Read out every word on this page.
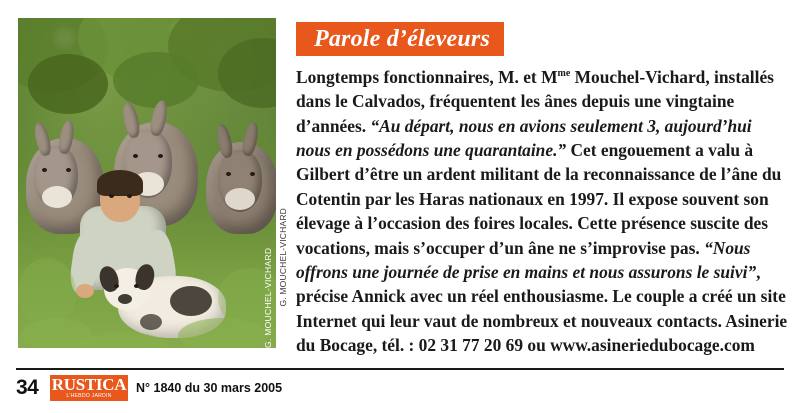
G. MOUCHEL-VICHARD G. MOUCHEL-VICHARD
Parole d’éleveurs

Longtemps fonctionnaires, M. et $M^{me}$ Mouchel-Vichard, installés dans le Calvados, fréquentent les ânes depuis une vingtaine d’années. “Au départ, nous en avions seulement 3, aujourd’hui nous en possédons une quarantaine.” Cet engouement a valu à Gilbert d’être un ardent militant de la reconnaissance de l’âne du Cotentin par les Haras nationaux en 1997. Il expose souvent son élevage à l’occasion des foires locales. Cette présence suscite des vocations, mais s’occuper d’un âne ne s’improvise pas. “Nous offrons une journée de prise en mains et nous assurons le suivi”, précise Annick avec un réel enthousiasme. Le couple a créé un site Internet qui leur vaut de nombreux et nouveaux contacts. Asinerie du Bocage, tél. : 02 31 77 20 69 ou www.asineriedubocage.com

34 RUSTICA
L’HEBDO JARDIN
N° 1840 du 30 mars 2005
